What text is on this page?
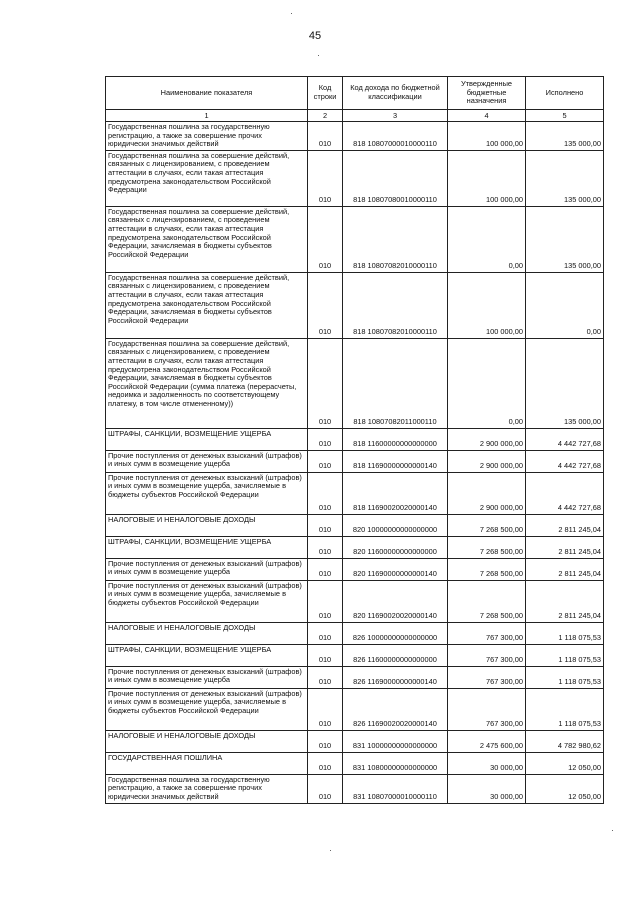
45
Наименование показателя	Код строки	Код дохода по бюджетной классификации	Утвержденные бюджетные назначения	Исполнено
1	2	3	4	5
Государственная пошлина за государственную регистрацию, а также за совершение прочих юридически значимых действий	010	818 10807000010000110	100 000,00	135 000,00
Государственная пошлина за совершение действий, связанных с лицензированием, с проведением аттестации в случаях, если такая аттестация предусмотрена законодательством Российской Федерации	010	818 10807080010000110	100 000,00	135 000,00
Государственная пошлина за совершение действий, связанных с лицензированием, с проведением аттестации в случаях, если такая аттестация предусмотрена законодательством Российской Федерации, зачисляемая в бюджеты субъектов Российской Федерации	010	818 10807082010000110	0,00	135 000,00
Государственная пошлина за совершение действий, связанных с лицензированием, с проведением аттестации в случаях, если такая аттестация предусмотрена законодательством Российской Федерации, зачисляемая в бюджеты субъектов Российской Федерации	010	818 10807082010000110	100 000,00	0,00
Государственная пошлина за совершение действий, связанных с лицензированием, с проведением аттестации в случаях, если такая аттестация предусмотрена законодательством Российской Федерации, зачисляемая в бюджеты субъектов Российской Федерации (сумма платежа (перерасчеты, недоимка и задолженность по соответствующему платежу, в том числе отмененному))	010	818 10807082011000110	0,00	135 000,00
ШТРАФЫ, САНКЦИИ, ВОЗМЕЩЕНИЕ УЩЕРБА	010	818 11600000000000000	2 900 000,00	4 442 727,68
Прочие поступления от денежных взысканий (штрафов) и иных сумм в возмещение ущерба	010	818 11690000000000140	2 900 000,00	4 442 727,68
Прочие поступления от денежных взысканий (штрафов) и иных сумм в возмещение ущерба, зачисляемые в бюджеты субъектов Российской Федерации	010	818 11690020020000140	2 900 000,00	4 442 727,68
НАЛОГОВЫЕ И НЕНАЛОГОВЫЕ ДОХОДЫ	010	820 10000000000000000	7 268 500,00	2 811 245,04
ШТРАФЫ, САНКЦИИ, ВОЗМЕЩЕНИЕ УЩЕРБА	010	820 11600000000000000	7 268 500,00	2 811 245,04
Прочие поступления от денежных взысканий (штрафов) и иных сумм в возмещение ущерба	010	820 11690000000000140	7 268 500,00	2 811 245,04
Прочие поступления от денежных взысканий (штрафов) и иных сумм в возмещение ущерба, зачисляемые в бюджеты субъектов Российской Федерации	010	820 11690020020000140	7 268 500,00	2 811 245,04
НАЛОГОВЫЕ И НЕНАЛОГОВЫЕ ДОХОДЫ	010	826 10000000000000000	767 300,00	1 118 075,53
ШТРАФЫ, САНКЦИИ, ВОЗМЕЩЕНИЕ УЩЕРБА	010	826 11600000000000000	767 300,00	1 118 075,53
Прочие поступления от денежных взысканий (штрафов) и иных сумм в возмещение ущерба	010	826 11690000000000140	767 300,00	1 118 075,53
Прочие поступления от денежных взысканий (штрафов) и иных сумм в возмещение ущерба, зачисляемые в бюджеты субъектов Российской Федерации	010	826 11690020020000140	767 300,00	1 118 075,53
НАЛОГОВЫЕ И НЕНАЛОГОВЫЕ ДОХОДЫ	010	831 10000000000000000	2 475 600,00	4 782 980,62
ГОСУДАРСТВЕННАЯ ПОШЛИНА	010	831 10800000000000000	30 000,00	12 050,00
Государственная пошлина за государственную регистрацию, а также за совершение прочих юридически значимых действий	010	831 10807000010000110	30 000,00	12 050,00
